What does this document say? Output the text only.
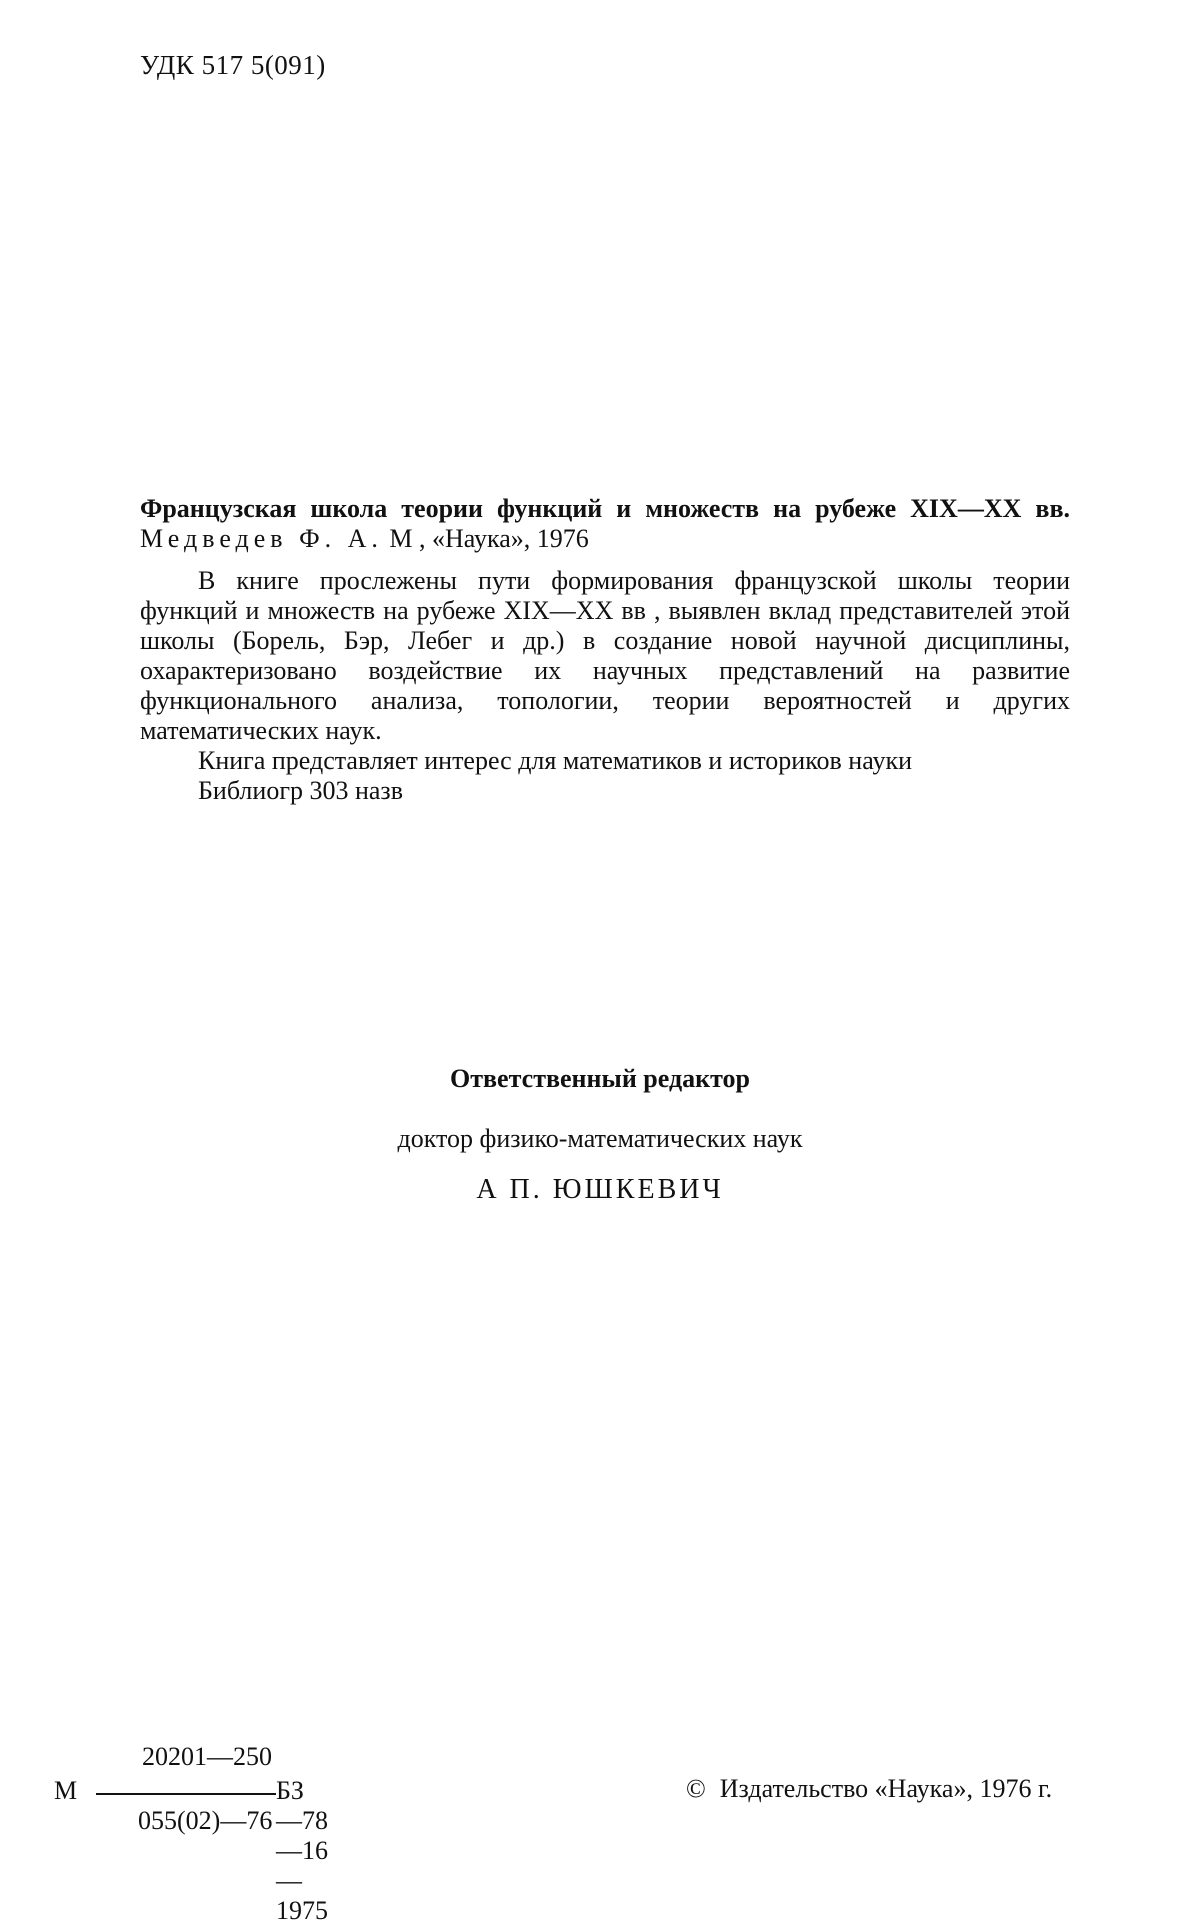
УДК 517 5(091)
Французская школа теории функций и множеств на рубеже XIX—XX вв. Медведев Ф. А. М , «Наука», 1976

В книге прослежены пути формирования французской школы теории функций и множеств на рубеже XIX—XX вв , выявлен вклад представителей этой школы (Борель, Бэр, Лебег и др.) в создание новой научной дисциплины, охарактеризовано воздействие их научных представлений на развитие функционального анализа, топологии, теории вероятностей и других математических наук.

Книга представляет интерес для математиков и историков науки

Библиогр 303 назв

Ответственный редактор
доктор физико-математических наук
А П. ЮШКЕВИЧ
М
20201—250
055(02)—76
БЗ—78—16—1975
© Издательство «Наука», 1976 г.
